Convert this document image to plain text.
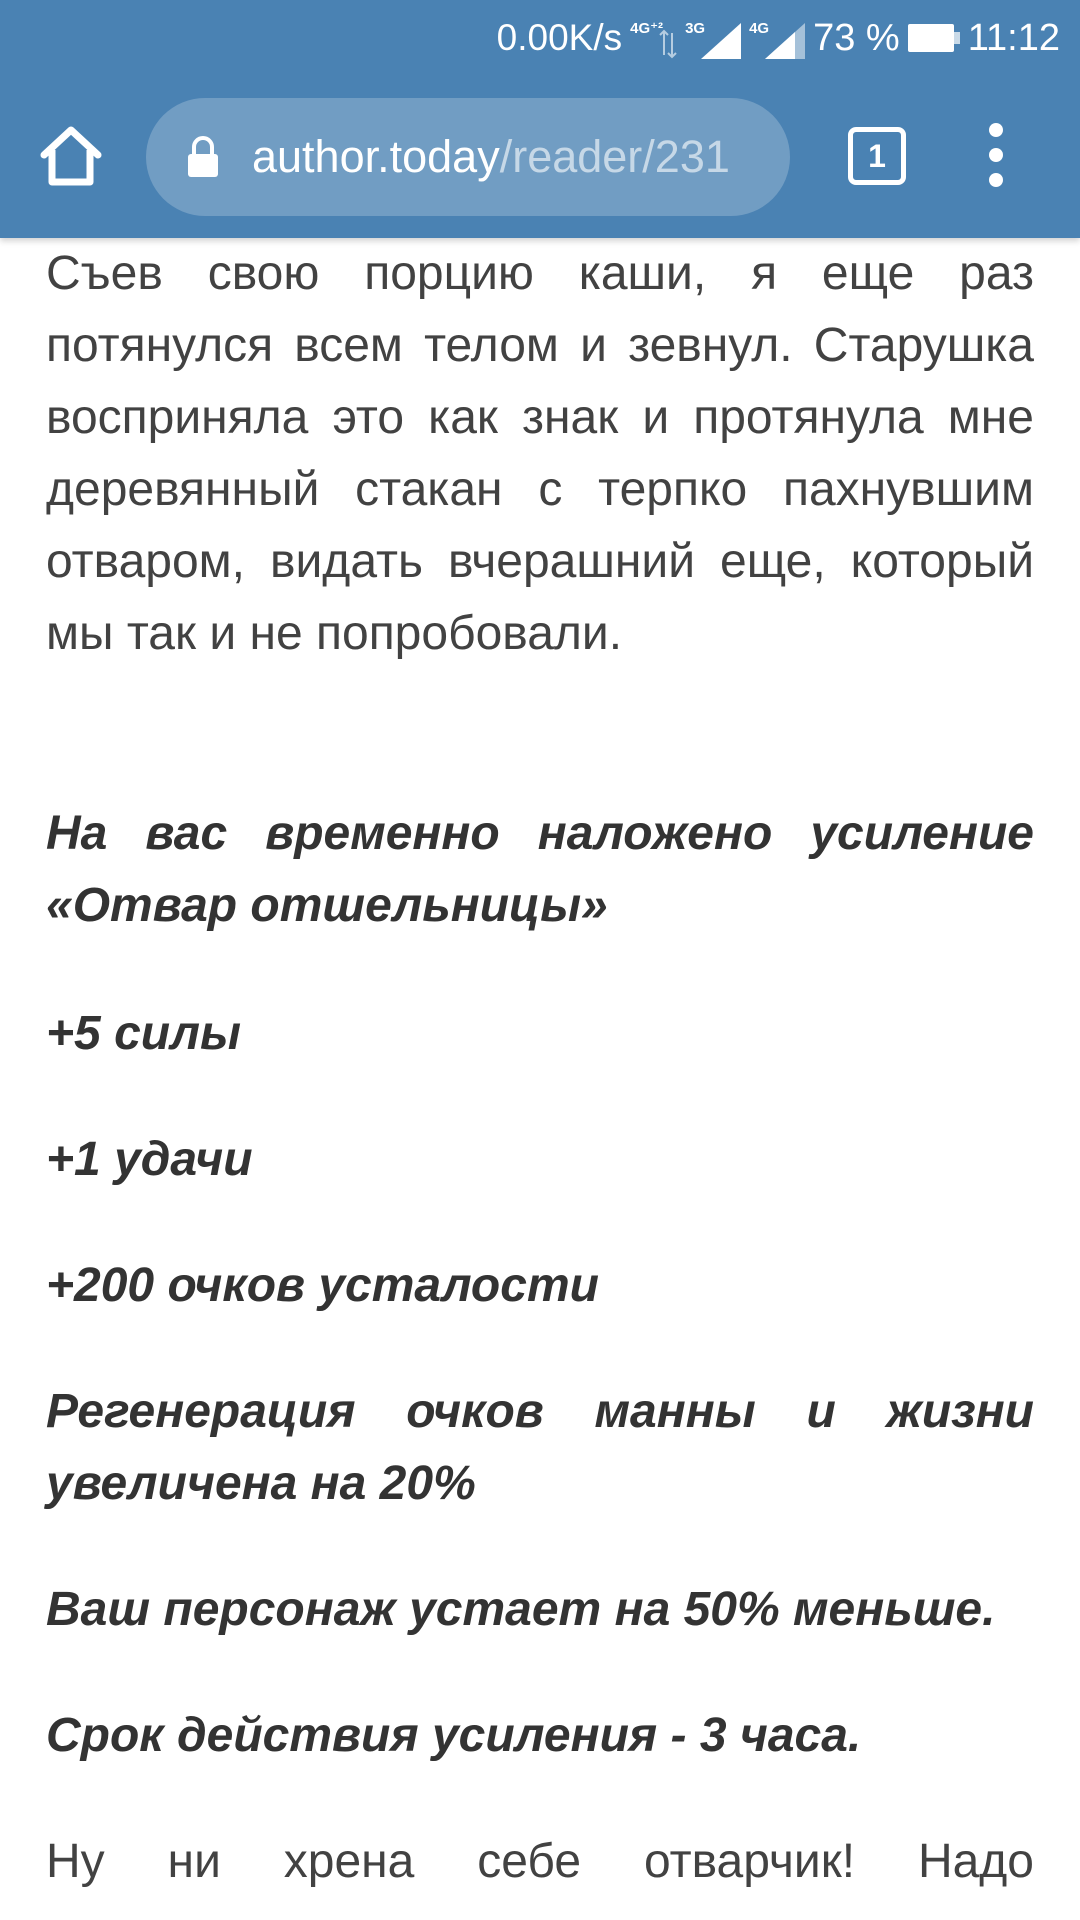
0.00K/s 4G⁺² 3G	4G 73 % 11:12
author.today/reader/231	1

Съев свою порцию каши, я еще раз потянулся всем телом и зевнул. Старушка восприняла это как знак и протянула мне деревянный стакан с терпко пахнувшим отваром, видать вчерашний еще, который мы так и не попробовали.

На вас временно наложено усиление «Отвар отшельницы»

+5 силы

+1 удачи

+200 очков усталости

Регенерация очков манны и жизни увеличена на 20%

Ваш персонаж устает на 50% меньше.

Срок действия усиления - 3 часа.

Ну ни хрена себе отварчик! Надо
